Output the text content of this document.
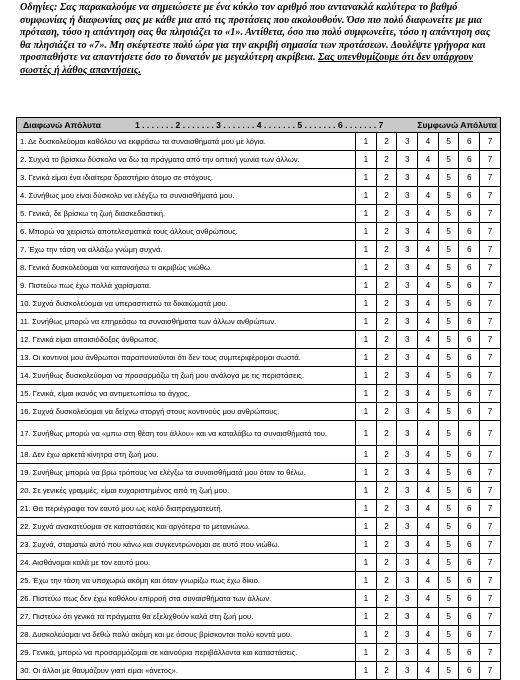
Οδηγίες: Σας παρακαλούμε να σημειώσετε με ένα κύκλο τον αριθμό που αντανακλά καλύτερα το βαθμό συμφωνίας ή διαφωνίας σας με κάθε μια από τις προτάσεις που ακολουθούν. Όσο πιο πολύ διαφωνείτε με μια πρόταση, τόσο η απάντηση σας θα πλησιάζει το «1». Αντίθετα, όσο πιο πολύ συμφωνείτε, τόσο η απάντηση σας θα πλησιάζει το «7». Μη σκέφτεστε πολύ ώρα για την ακριβή σημασία των προτάσεων. Δουλέψτε γρήγορα και προσπαθήστε να απαντήσετε όσο το δυνατόν με μεγαλύτερη ακρίβεια. Σας υπενθυμίζουμε ότι δεν υπάρχουν σωστές ή λάθος απαντήσεις.
Διαφωνώ Απόλυτα 1 . . . . . . . 2 . . . . . . . 3 . . . . . . . 4 . . . . . . . 5 . . . . . . . 6 . . . . . . . 7 Συμφωνώ Απόλυτα							

1. Δε δυσκολεύομαι καθόλου να εκφράσω τα συναισθήματά μου με λόγια.	1	2	3	4	5	6	7
2. Συχνά το βρίσκω δύσκολο να δω τα πράγματα από την οπτική γωνία των άλλων.	1	2	3	4	5	6	7
3. Γενικά είμαι ένα ιδιαίτερα δραστήριο άτομο σε στόχους.	1	2	3	4	5	6	7
4. Συνήθως μου είναι δύσκολο να ελέγξω τα συναισθήματά μου.	1	2	3	4	5	6	7
5. Γενικά, δε βρίσκω τη ζωή διασκεδαστική.	1	2	3	4	5	6	7
6. Μπορώ να χειριστώ αποτελεσματικά τους άλλους ανθρώπους.	1	2	3	4	5	6	7
7. Έχω την τάση να αλλάζω γνώμη συχνά.	1	2	3	4	5	6	7
8. Γενικά δυσκολεύομαι να κατανοήσω τι ακριβώς νιώθω.	1	2	3	4	5	6	7
9. Πιστεύω πως έχω πολλά χαρίσματα.	1	2	3	4	5	6	7
10. Συχνά δυσκολεύομαι να υπερασπιστώ τα δικαιώματά μου.	1	2	3	4	5	6	7
11. Συνήθως μπορώ να επηρεάσω τα συναισθήματα των άλλων ανθρώπων.	1	2	3	4	5	6	7
12. Γενικά είμαι απαισιόδοξος άνθρωπος.	1	2	3	4	5	6	7
13. Οι κοντινοί μου άνθρωποι παραπονιούνται ότι δεν τους συμπεριφέρομαι σωστά.	1	2	3	4	5	6	7
14. Συνήθως δυσκολεύομαι να προσαρμόζω τη ζωή μου ανάλογα με τις περιστάσεις.	1	2	3	4	5	6	7
15. Γενικά, είμαι ικανός να αντιμετωπίσω το άγχος.	1	2	3	4	5	6	7
16. Συχνά δυσκολεύομαι να δείχνω στοργή στους κοντινούς μου ανθρώπους.	1	2	3	4	5	6	7
17. Συνήθως μπορώ να «μπω στη θέση του άλλου» και να καταλάβω τα συναισθήματά του.	1	2	3	4	5	6	7
18. Δεν έχω αρκετά κίνητρα στη ζωή μου.	1	2	3	4	5	6	7
19. Συνήθως μπορώ να βρω τρόπους να ελέγξω τα συναισθήματά μου όταν το θέλω.	1	2	3	4	5	6	7
20. Σε γενικές γραμμές, είμαι ευχαριστημένος από τη ζωή μου.	1	2	3	4	5	6	7
21. Θα περιέγραφα τον εαυτό μου ως καλό διαπραγματευτή.	1	2	3	4	5	6	7
22. Συχνά ανακατεύομαι σε καταστάσεις και αργότερα το μετανιώνω.	1	2	3	4	5	6	7
23. Συχνά, σταματώ αυτό που κάνω και συγκεντρώνομαι σε αυτό που νιώθω.	1	2	3	4	5	6	7
24. Αισθάνομαι καλά με τον εαυτό μου.	1	2	3	4	5	6	7
25. Έχω την τάση να υποχωρώ ακόμη και όταν γνωρίζω πως έχω δίκιο.	1	2	3	4	5	6	7
26. Πιστεύω πως δεν έχω καθόλου επιρροή στα συναισθήματα των άλλων.	1	2	3	4	5	6	7
27. Πιστεύω ότι γενικά τα πράγματα θα εξελιχθούν καλά στη ζωή μου.	1	2	3	4	5	6	7
28. Δυσκολεύομαι να δεθώ πολύ ακόμη και με όσους βρίσκονται πολύ κοντά μου.	1	2	3	4	5	6	7
29. Γενικά, μπορώ να προσαρμόζομαι σε καινούρια περιβάλλοντα και καταστάσεις.	1	2	3	4	5	6	7
30. Οι άλλοι με θαυμάζουν γιατί είμαι «άνετος».	1	2	3	4	5	6	7
